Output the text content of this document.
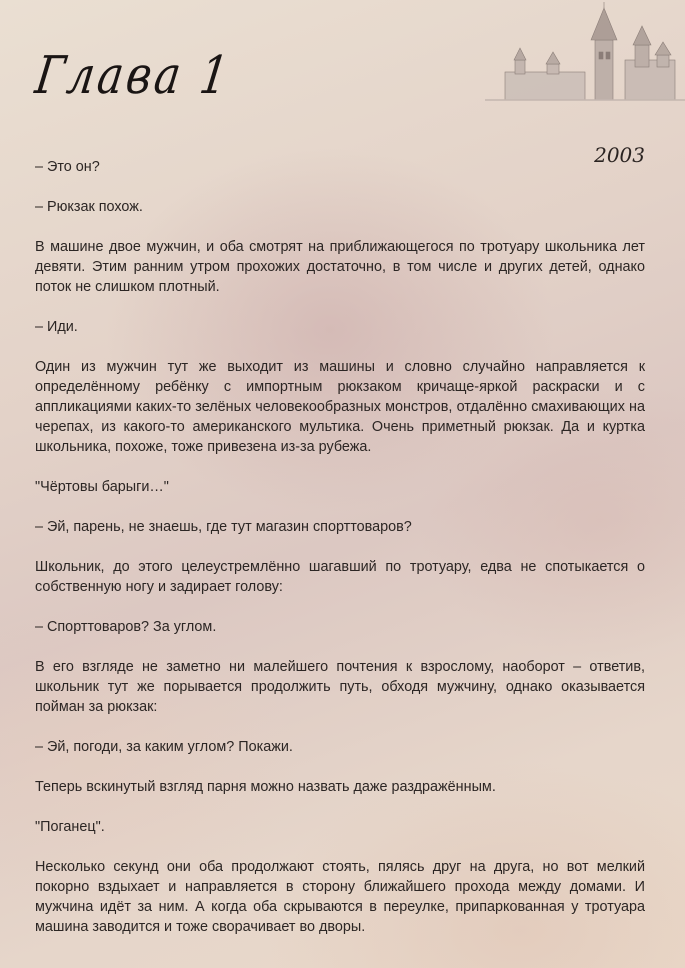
Глава 1
2003

– Это он?

– Рюкзак похож.

В машине двое мужчин, и оба смотрят на приближающегося по тротуару школьника лет девяти. Этим ранним утром прохожих достаточно, в том числе и других детей, однако поток не слишком плотный.

– Иди.

Один из мужчин тут же выходит из машины и словно случайно направляется к определённому ребёнку с импортным рюкзаком кричаще-яркой раскраски и с аппликациями каких-то зелёных человекообразных монстров, отдалённо смахивающих на черепах, из какого-то американского мультика. Очень приметный рюкзак. Да и куртка школьника, похоже, тоже привезена из-за рубежа.

"Чёртовы барыги…"

– Эй, парень, не знаешь, где тут магазин спорттоваров?

Школьник, до этого целеустремлённо шагавший по тротуару, едва не спотыкается о собственную ногу и задирает голову:

– Спорттоваров? За углом.

В его взгляде не заметно ни малейшего почтения к взрослому, наоборот – ответив, школьник тут же порывается продолжить путь, обходя мужчину, однако оказывается пойман за рюкзак:

– Эй, погоди, за каким углом? Покажи.

Теперь вскинутый взгляд парня можно назвать даже раздражённым.

"Поганец".

Несколько секунд они оба продолжают стоять, пялясь друг на друга, но вот мелкий покорно вздыхает и направляется в сторону ближайшего прохода между домами. И мужчина идёт за ним. А когда оба скрываются в переулке, припаркованная у тротуара машина заводится и тоже сворачивает во дворы.
